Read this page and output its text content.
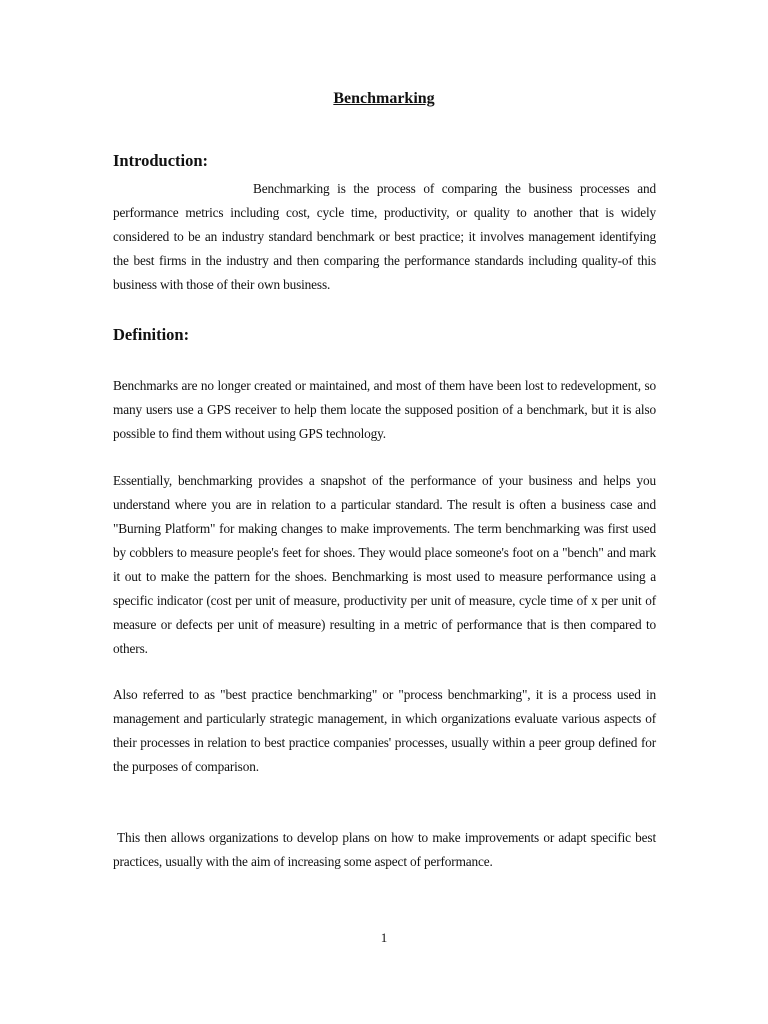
Benchmarking
Introduction:
Benchmarking is the process of comparing the business processes and performance metrics including cost, cycle time, productivity, or quality to another that is widely considered to be an industry standard benchmark or best practice; it involves management identifying the best firms in the industry and then comparing the performance standards including quality-of this business with those of their own business.
Definition:
Benchmarks are no longer created or maintained, and most of them have been lost to redevelopment, so many users use a GPS receiver to help them locate the supposed position of a benchmark, but it is also possible to find them without using GPS technology.
Essentially, benchmarking provides a snapshot of the performance of your business and helps you understand where you are in relation to a particular standard. The result is often a business case and "Burning Platform" for making changes to make improvements. The term benchmarking was first used by cobblers to measure people's feet for shoes. They would place someone's foot on a "bench" and mark it out to make the pattern for the shoes. Benchmarking is most used to measure performance using a specific indicator (cost per unit of measure, productivity per unit of measure, cycle time of x per unit of measure or defects per unit of measure) resulting in a metric of performance that is then compared to others.
Also referred to as "best practice benchmarking" or "process benchmarking", it is a process used in management and particularly strategic management, in which organizations evaluate various aspects of their processes in relation to best practice companies' processes, usually within a peer group defined for the purposes of comparison.
This then allows organizations to develop plans on how to make improvements or adapt specific best practices, usually with the aim of increasing some aspect of performance.
1
